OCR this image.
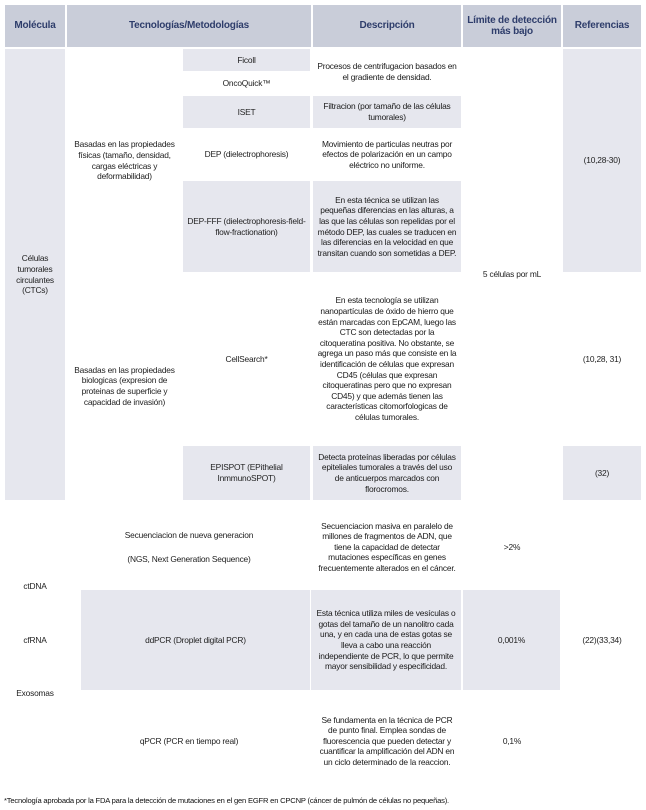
Molécula	Tecnologías/Metodologías	Descripción
Límite de detección más bajo
Referencias
Células tumorales circulantes (CTCs)
Basadas en las propiedades físicas (tamaño, densidad, cargas eléctricas y deformabilidad)
Basadas en las propiedades biologicas (expresion de proteinas de superficie y capacidad de invasión)
Ficoll
OncoQuick™
Procesos de centrifugacion basados en el gradiente de densidad.
ISET
Filtracion (por tamaño de las células tumorales)
DEP (dielectrophoresis)
Movimiento de particulas neutras por efectos de polarización en un campo eléctrico no uniforme.
DEP-FFF (dielectrophoresis-field-flow-fractionation)
En esta técnica se utilizan las pequeñas diferencias en las alturas, a las que las células son repelidas por el método DEP, las cuales se traducen en las diferencias en la velocidad en que transitan cuando son sometidas a DEP.
CellSearch*
En esta tecnología se utilizan nanopartículas de óxido de hierro que están marcadas con EpCAM, luego las CTC son detectadas por la citoqueratina positiva. No obstante, se agrega un paso más que consiste en la identificación de células que expresan CD45 (células que expresan citoqueratinas pero que no expresan CD45) y que además tienen las características citomorfologicas de células tumorales.
EPISPOT (EPithelial InmmunoSPOT)
Detecta proteínas liberadas por células epiteliales tumorales a través del uso de anticuerpos marcados con florocromos.
5 células por mL
(10,28-30)
(10,28, 31)
(32)
ctDNA
cfRNA
Exosomas
Secuenciacion de nueva generacion
(NGS, Next Generation Sequence)
Secuenciacion masiva en paralelo de millones de fragmentos de ADN, que tiene la capacidad de detectar mutaciones específicas en genes frecuentemente alterados en el cáncer.
>2%
ddPCR (Droplet digital PCR)
Esta técnica utiliza miles de vesículas o gotas del tamaño de un nanolitro cada una, y en cada una de estas gotas se lleva a cabo una reacción independiente de PCR, lo que permite mayor sensibilidad y especificidad.
0,001%
qPCR (PCR en tiempo real)
Se fundamenta en la técnica de PCR de punto final. Emplea sondas de fluorescencia que pueden detectar y cuantificar la amplificación del ADN en un ciclo determinado de la reaccion.
0,1%
(22)(33,34)
*Tecnología aprobada por la FDA para la detección de mutaciones en el gen EGFR en CPCNP (cáncer de pulmón de células no pequeñas).
